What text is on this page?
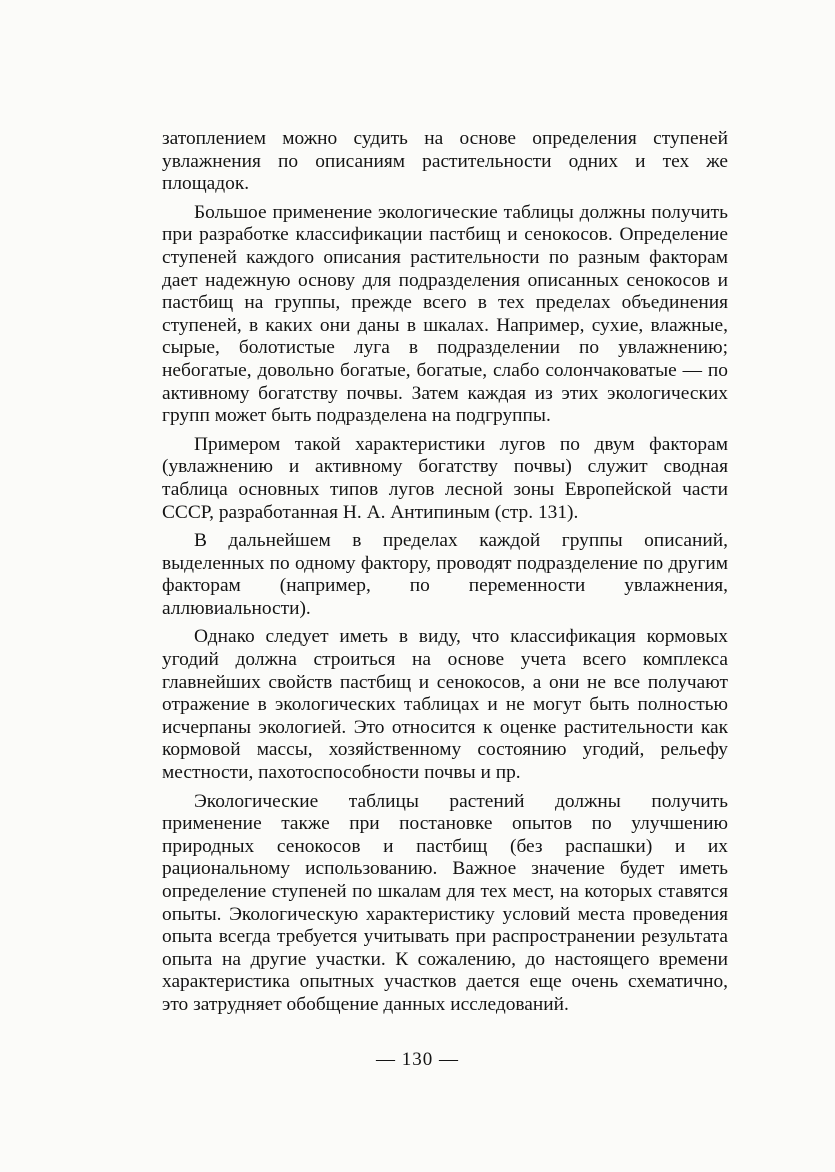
затоплением можно судить на основе определения ступеней увлажнения по описаниям растительности одних и тех же площадок.

Большое применение экологические таблицы должны получить при разработке классификации пастбищ и сенокосов. Определение ступеней каждого описания растительности по разным факторам дает надежную основу для подразделения описанных сенокосов и пастбищ на группы, прежде всего в тех пределах объединения ступеней, в каких они даны в шкалах. Например, сухие, влажные, сырые, болотистые луга в подразделении по увлажнению; небогатые, довольно богатые, богатые, слабо солончаковатые — по активному богатству почвы. Затем каждая из этих экологических групп может быть подразделена на подгруппы.

Примером такой характеристики лугов по двум факторам (увлажнению и активному богатству почвы) служит сводная таблица основных типов лугов лесной зоны Европейской части СССР, разработанная Н. А. Антипиным (стр. 131).

В дальнейшем в пределах каждой группы описаний, выделенных по одному фактору, проводят подразделение по другим факторам (например, по переменности увлажнения, аллювиальности).

Однако следует иметь в виду, что классификация кормовых угодий должна строиться на основе учета всего комплекса главнейших свойств пастбищ и сенокосов, а они не все получают отражение в экологических таблицах и не могут быть полностью исчерпаны экологией. Это относится к оценке растительности как кормовой массы, хозяйственному состоянию угодий, рельефу местности, пахотоспособности почвы и пр.

Экологические таблицы растений должны получить применение также при постановке опытов по улучшению природных сенокосов и пастбищ (без распашки) и их рациональному использованию. Важное значение будет иметь определение ступеней по шкалам для тех мест, на которых ставятся опыты. Экологическую характеристику условий места проведения опыта всегда требуется учитывать при распространении результата опыта на другие участки. К сожалению, до настоящего времени характеристика опытных участков дается еще очень схематично, это затрудняет обобщение данных исследований.

— 130 —
